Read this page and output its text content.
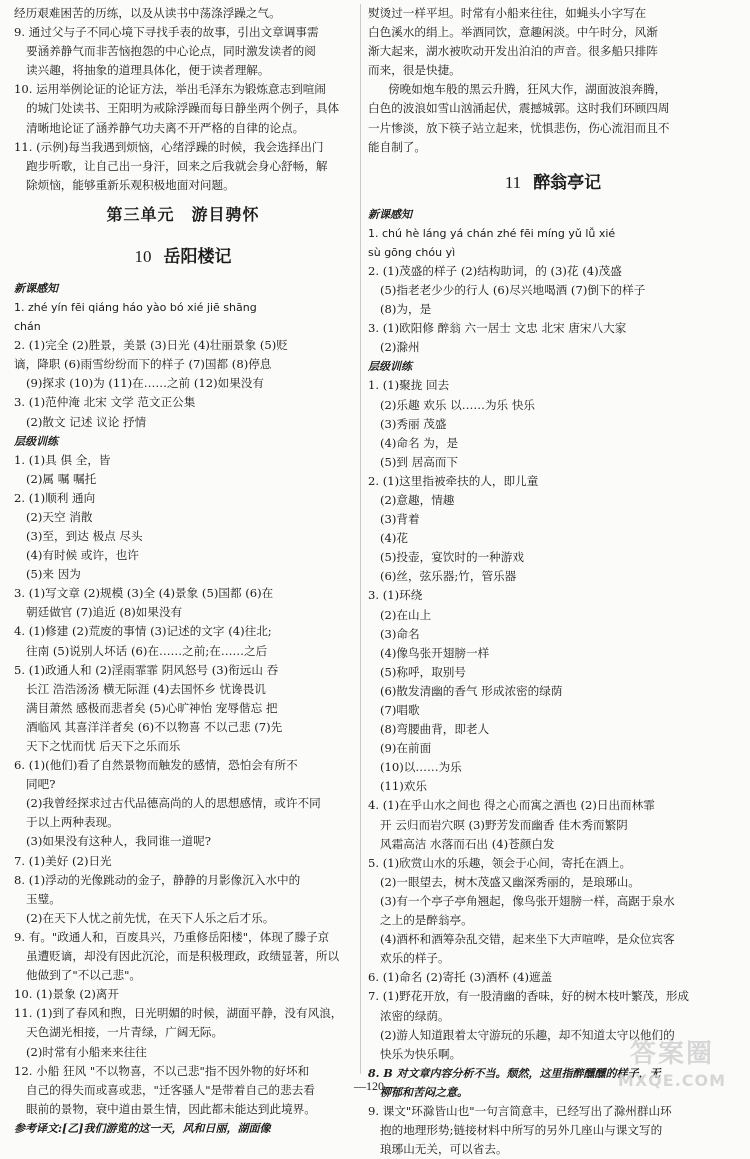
经历艰难困苦的历练，以及从读书中荡涤浮躁之气。
9. 通过父与子不同心境下寻找手表的故事，引出文章调事需
要涵养静气而非苦恼抱怨的中心论点，同时激发读者的阅
读兴趣，将抽象的道理具体化，便于读者理解。
10. 运用举例论证的论证方法，举出毛泽东为锻炼意志到喧闹
的城门处读书、王阳明为戒除浮躁而每日静坐两个例子，具体
清晰地论证了涵养静气功夫离不开严格的自律的论点。
11. (示例)每当我遇到烦恼，心绪浮躁的时候，我会选择出门
跑步听歌，让自己出一身汗，回来之后我就会身心舒畅，解
除烦恼，能够重新乐观积极地面对问题。
第三单元　游目骋怀
10 岳阳楼记
新课感知
1. zhé yín fēi qiáng háo yào bó xié jiē shāng
chán
2. (1)完全 (2)胜景，美景 (3)日光 (4)壮丽景象 (5)贬
谪，降职 (6)雨雪纷纷而下的样子 (7)国都 (8)停息
(9)探求 (10)为 (11)在……之前 (12)如果没有
3. (1)范仲淹 北宋 文学 范文正公集
(2)散文 记述 议论 抒情
层级训练
1. (1)具 俱 全，皆
(2)属 嘱 嘱托
2. (1)顺利 通向
(2)天空 消散
(3)至，到达 极点 尽头
(4)有时候 或许，也许
(5)来 因为
3. (1)写文章 (2)规模 (3)全 (4)景象 (5)国都 (6)在
朝廷做官 (7)追近 (8)如果没有
4. (1)修建 (2)荒废的事情 (3)记述的文字 (4)往北;
往南 (5)说别人坏话 (6)在……之前;在……之后
5. (1)政通人和 (2)淫雨霏霏 阴风怒号 (3)衔远山 吞
长江 浩浩汤汤 横无际涯 (4)去国怀乡 忧谗畏讥
满目萧然 感极而悲者矣 (5)心旷神怡 宠辱偕忘 把
酒临风 其喜洋洋者矣 (6)不以物喜 不以己悲 (7)先
天下之忧而忧 后天下之乐而乐
6. (1)(他们)看了自然景物而触发的感情，恐怕会有所不
同吧?
(2)我曾经探求过古代品德高尚的人的思想感情，或许不同
于以上两种表现。
(3)如果没有这种人，我同谁一道呢?
7. (1)美好 (2)日光
8. (1)浮动的光像跳动的金子，静静的月影像沉入水中的
玉璧。
(2)在天下人忧之前先忧，在天下人乐之后才乐。
9. 有。"政通人和，百废具兴，乃重修岳阳楼"，体现了滕子京
虽遭贬谪，却没有因此沉沦，而是积极理政，政绩显著，所以
他做到了"不以己悲"。
10. (1)景象 (2)离开
11. (1)到了春风和煦，日光明媚的时候，湖面平静，没有风浪，
天色湖光相接，一片青绿，广阔无际。
(2)时常有小船来来往往
12. 小船 狂风 "不以物喜，不以己悲"指不因外物的好坏和
自己的得失而或喜或悲，"迁客骚人"是带着自己的悲去看
眼前的景物，衰中道由景生情，因此都未能达到此境界。
参考译文:[乙]我们游览的这一天，风和日丽，湖面像
熨烫过一样平坦。时常有小船来往往，如蝇头小字写在
白色溪水的绢上。举酒同饮，意趣闲淡。中午时分，风渐
渐大起来，湖水被吹动开发出泊泊的声音。很多船只排阵
而来，很是快捷。
傍晚如炮车般的黑云升腾，狂风大作，湖面波浪奔腾，
白色的波浪如雪山汹涌起伏，震撼城郭。这时我们环顾四周
一片惨淡，放下筷子站立起来，忧惧悲伤，伤心流泪而且不
能自制了。
11 醉翁亭记
新课感知
1. chú hè láng yá chán zhé fēi míng yǔ lǚ xié
sù gōng chóu yì
2. (1)茂盛的样子 (2)结构助词，的 (3)花 (4)茂盛
(5)指老老少少的行人 (6)尽兴地喝酒 (7)倒下的样子
(8)为，是
3. (1)欧阳修 醉翁 六一居士 文忠 北宋 唐宋八大家
(2)滁州
层级训练
1. (1)聚拢 回去
(2)乐趣 欢乐 以……为乐 快乐
(3)秀丽 茂盛
(4)命名 为，是
(5)到 居高而下
2. (1)这里指被牵扶的人，即儿童
(2)意趣，情趣
(3)背着
(4)花
(5)投壶，宴饮时的一种游戏
(6)丝，弦乐器;竹，管乐器
3. (1)环绕
(2)在山上
(3)命名
(4)像鸟张开翅膀一样
(5)称呼，取别号
(6)散发清幽的香气 形成浓密的绿荫
(7)唱歌
(8)弯腰曲背，即老人
(9)在前面
(10)以……为乐
(11)欢乐
4. (1)在乎山水之间也 得之心而寓之酒也 (2)日出而林霏
开 云归而岩穴暝 (3)野芳发而幽香 佳木秀而繁阴
风霜高洁 水落而石出 (4)苍颜白发
5. (1)欣赏山水的乐趣，领会于心间，寄托在酒上。
(2)一眼望去，树木茂盛又幽深秀丽的，是琅琊山。
(3)有一个亭子亭角翘起，像鸟张开翅膀一样，高踞于泉水
之上的是醉翁亭。
(4)酒杯和酒筹杂乱交错，起来坐下大声喧哗，是众位宾客
欢乐的样子。
6. (1)命名 (2)寄托 (3)酒杯 (4)遮盖
7. (1)野花开放，有一股清幽的香味，好的树木枝叶繁茂，形成
浓密的绿荫。
(2)游人知道跟着太守游玩的乐趣，却不知道太守以他们的
快乐为快乐啊。
8. B 对文章内容分析不当。颓然，这里指醉醺醺的样子，无
柳郁和苦闷之意。
9. 课文"环滁皆山也"一句言简意丰，已经写出了滁州群山环
抱的地理形势;链接材料中所写的另外几座山与课文写的
琅琊山无关，可以省去。
—120—
答案圈
MXQE.COM
